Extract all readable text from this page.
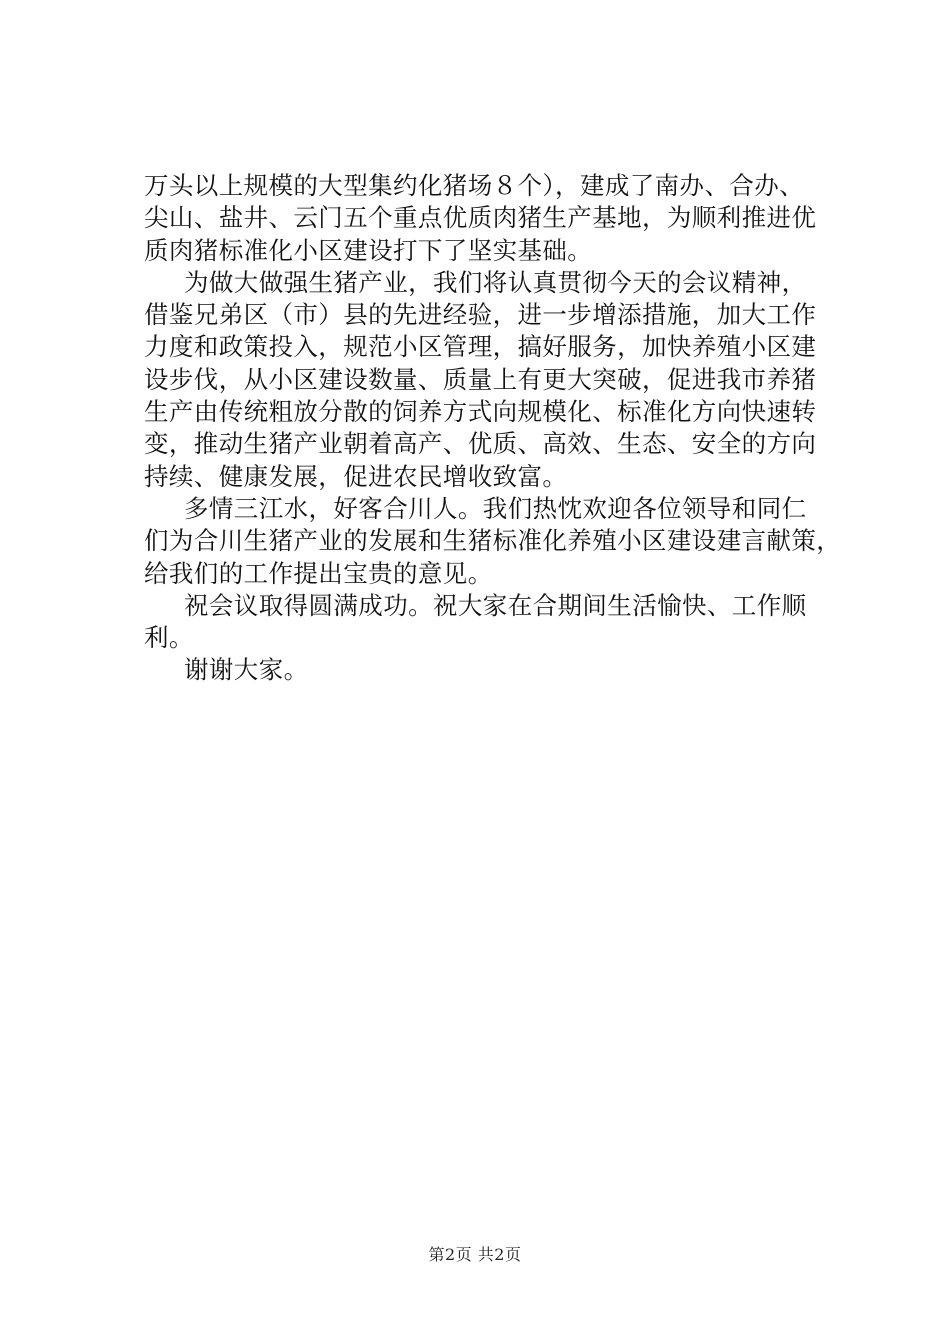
万头以上规模的大型集约化猪场８个），建成了南办、合办、
尖山、盐井、云门五个重点优质肉猪生产基地，为顺利推进优
质肉猪标准化小区建设打下了坚实基础。
为做大做强生猪产业，我们将认真贯彻今天的会议精神，
借鉴兄弟区（市）县的先进经验，进一步增添措施，加大工作
力度和政策投入，规范小区管理，搞好服务，加快养殖小区建
设步伐，从小区建设数量、质量上有更大突破，促进我市养猪
生产由传统粗放分散的饲养方式向规模化、标准化方向快速转
变，推动生猪产业朝着高产、优质、高效、生态、安全的方向
持续、健康发展，促进农民增收致富。
多情三江水，好客合川人。我们热忱欢迎各位领导和同仁
们为合川生猪产业的发展和生猪标准化养殖小区建设建言献策，
给我们的工作提出宝贵的意见。
祝会议取得圆满成功。祝大家在合期间生活愉快、工作顺
利。
谢谢大家。
第2页 共2页
